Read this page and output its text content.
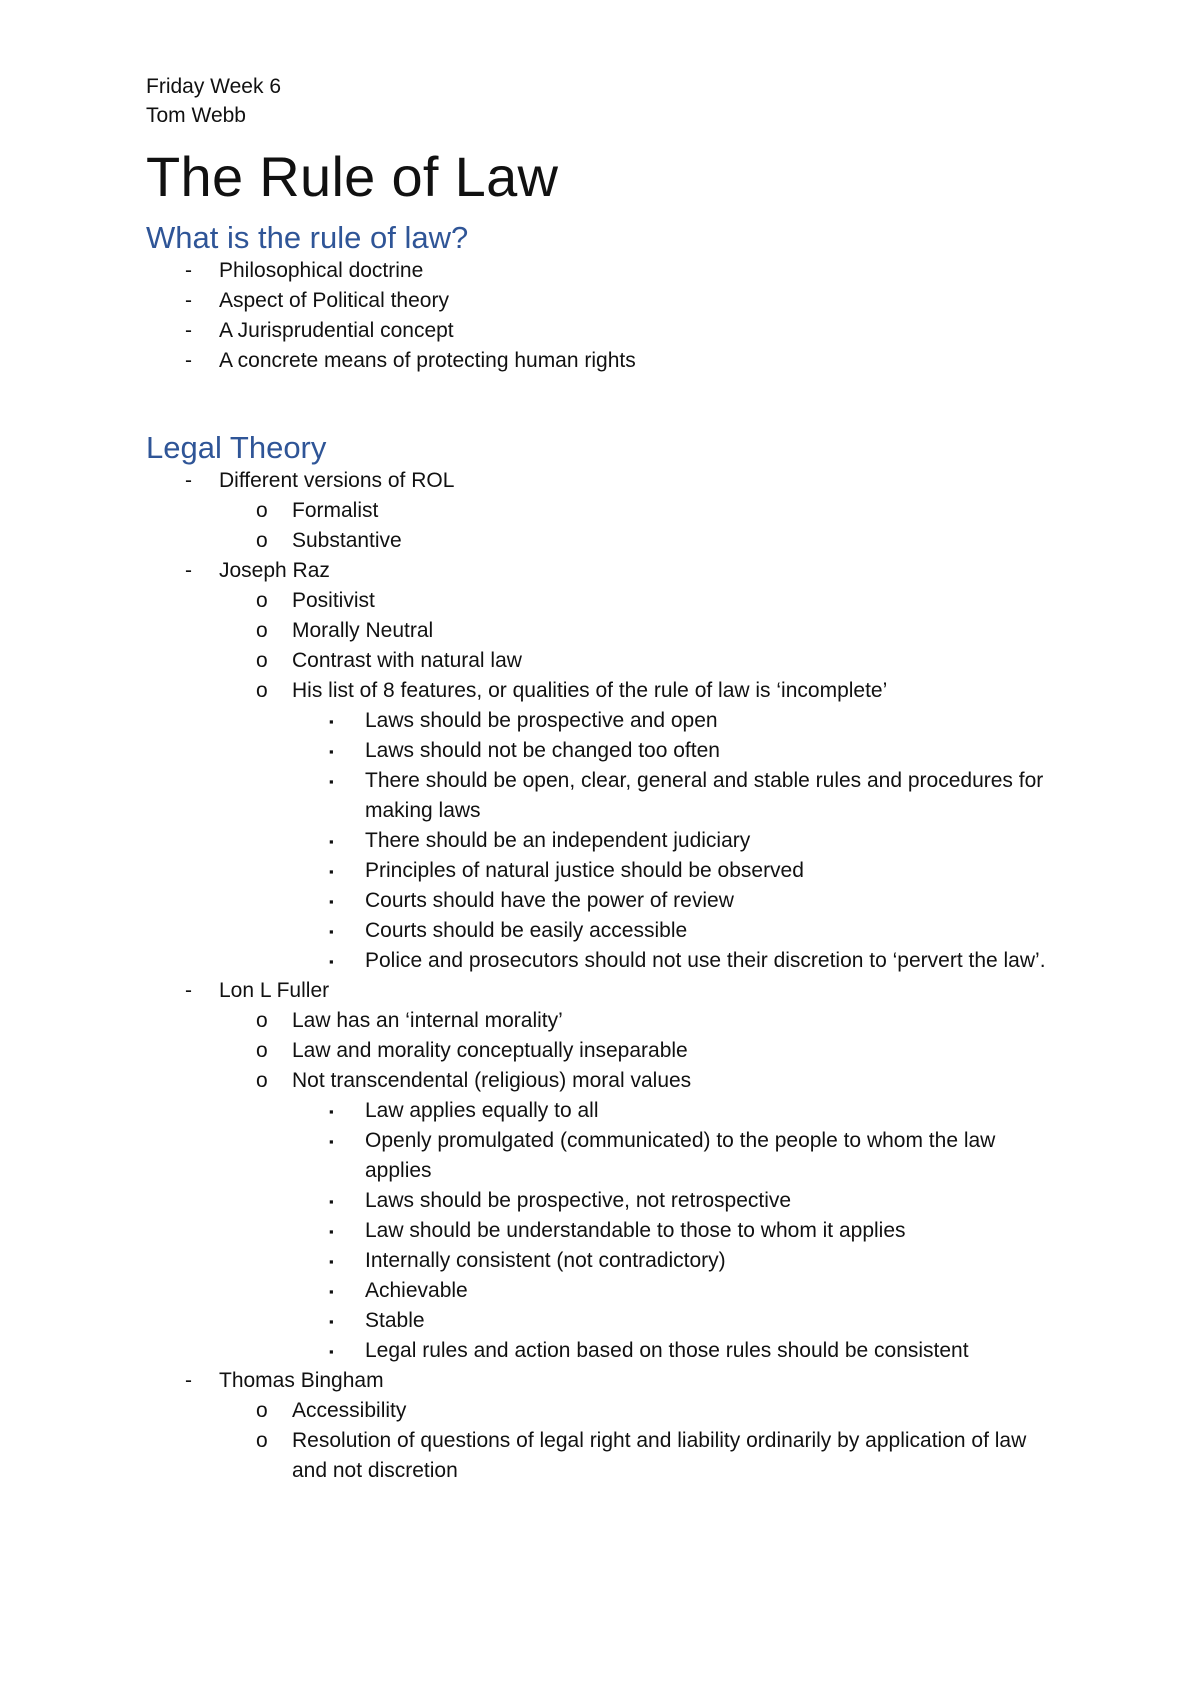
Friday Week 6
Tom Webb
The Rule of Law
What is the rule of law?
- Philosophical doctrine
- Aspect of Political theory
- A Jurisprudential concept
- A concrete means of protecting human rights
Legal Theory
- Different versions of ROL
o Formalist
o Substantive
- Joseph Raz
o Positivist
o Morally Neutral
o Contrast with natural law
o His list of 8 features, or qualities of the rule of law is ‘incomplete’
▪ Laws should be prospective and open
▪ Laws should not be changed too often
▪ There should be open, clear, general and stable rules and procedures for making laws
▪ There should be an independent judiciary
▪ Principles of natural justice should be observed
▪ Courts should have the power of review
▪ Courts should be easily accessible
▪ Police and prosecutors should not use their discretion to ‘pervert the law’.
- Lon L Fuller
o Law has an ‘internal morality’
o Law and morality conceptually inseparable
o Not transcendental (religious) moral values
▪ Law applies equally to all
▪ Openly promulgated (communicated) to the people to whom the law applies
▪ Laws should be prospective, not retrospective
▪ Law should be understandable to those to whom it applies
▪ Internally consistent (not contradictory)
▪ Achievable
▪ Stable
▪ Legal rules and action based on those rules should be consistent
- Thomas Bingham
o Accessibility
o Resolution of questions of legal right and liability ordinarily by application of law and not discretion
